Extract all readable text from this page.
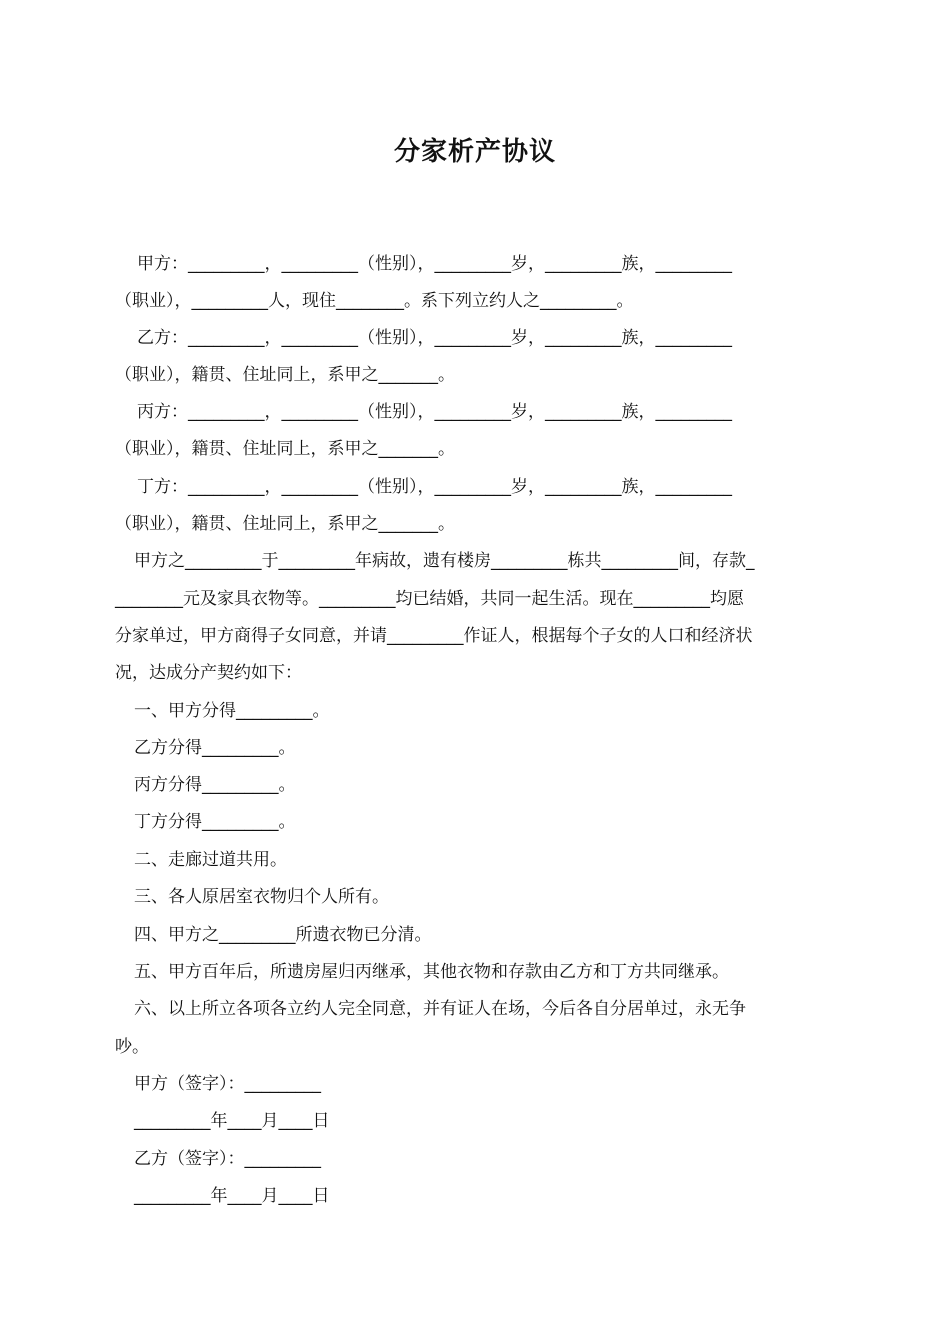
分家析产协议
甲方：_________，_________（性别），_________岁，_________族，_________
（职业），_________人，现住________。系下列立约人之_________。
乙方：_________，_________（性别），_________岁，_________族，_________
（职业），籍贯、住址同上，系甲之_______。
丙方：_________，_________（性别），_________岁，_________族，_________
（职业），籍贯、住址同上，系甲之_______。
丁方：_________，_________（性别），_________岁，_________族，_________
（职业），籍贯、住址同上，系甲之_______。
甲方之_________于_________年病故，遗有楼房_________栋共_________间，存款_
________元及家具衣物等。_________均已结婚，共同一起生活。现在_________均愿
分家单过，甲方商得子女同意，并请_________作证人，根据每个子女的人口和经济状
况，达成分产契约如下：
一、甲方分得_________。
乙方分得_________。
丙方分得_________。
丁方分得_________。
二、走廊过道共用。
三、各人原居室衣物归个人所有。
四、甲方之_________所遗衣物已分清。
五、甲方百年后，所遗房屋归丙继承，其他衣物和存款由乙方和丁方共同继承。
六、以上所立各项各立约人完全同意，并有证人在场，今后各自分居单过，永无争
吵。
甲方（签字）：_________
_________年____月____日
乙方（签字）：_________
_________年____月____日
